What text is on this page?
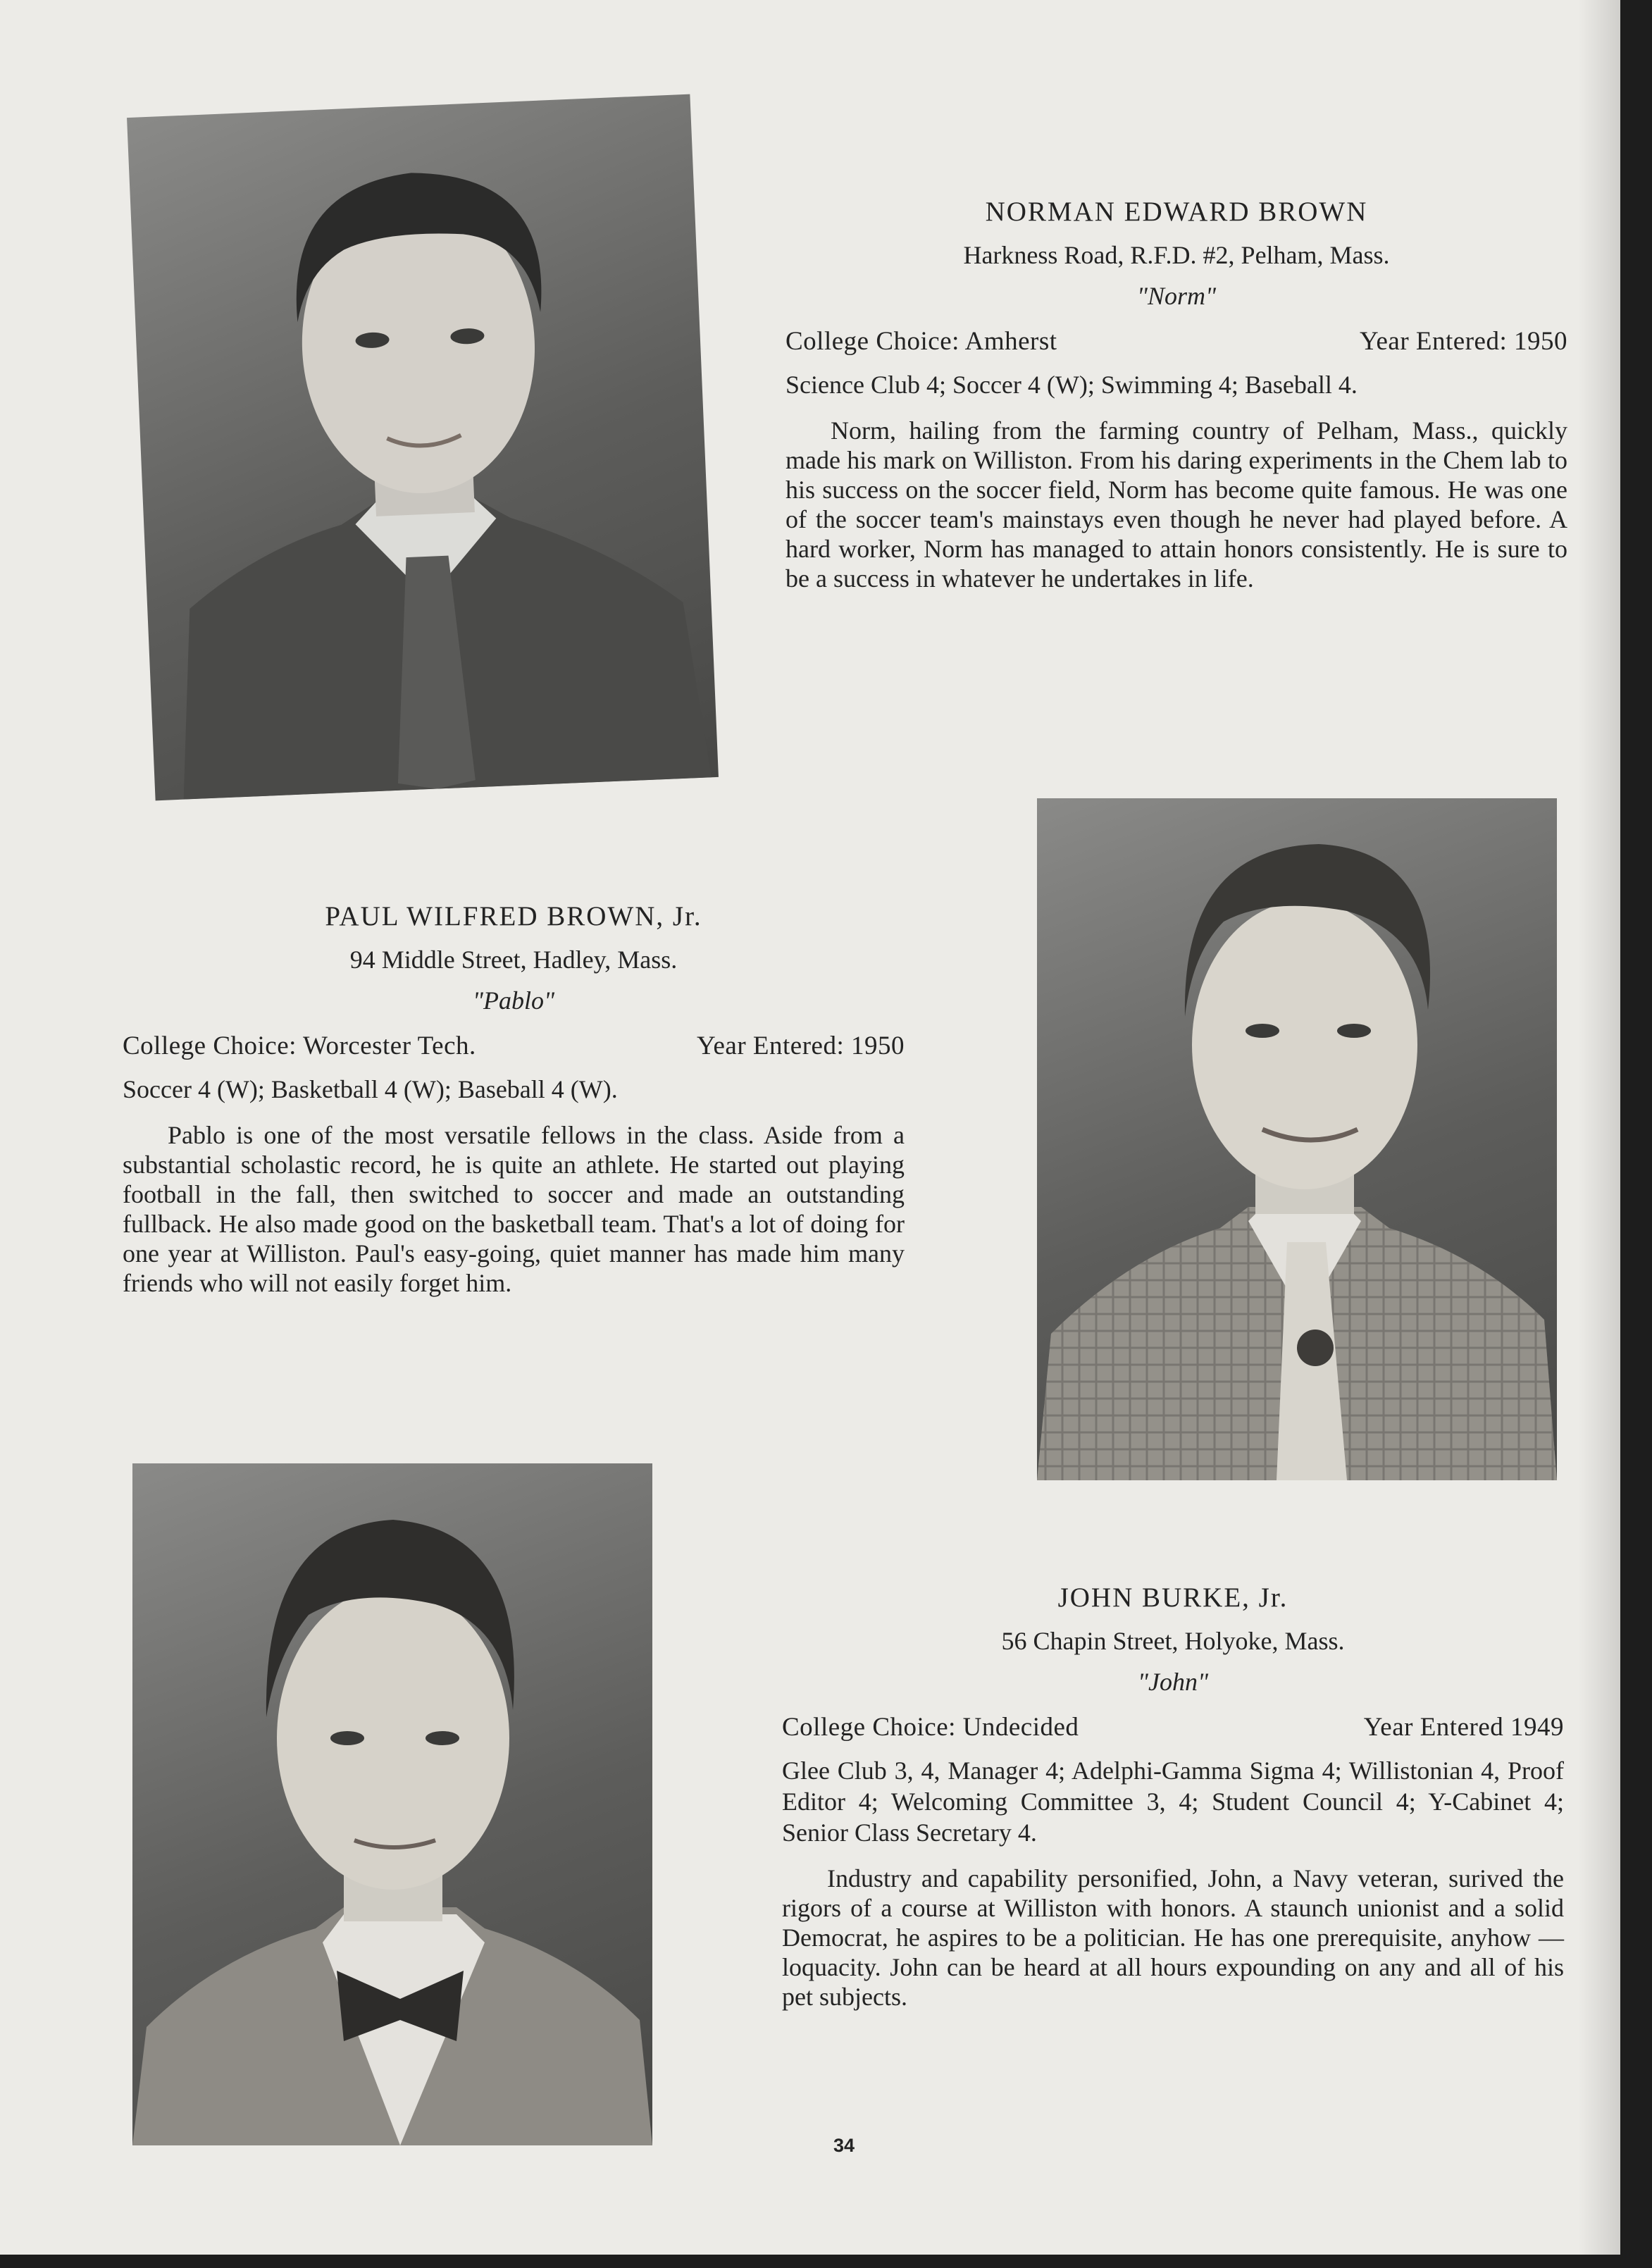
NORMAN EDWARD BROWN

Harkness Road, R.F.D. #2, Pelham, Mass.

"Norm"

College Choice: Amherst	Year Entered: 1950
Science Club 4; Soccer 4 (W); Swimming 4; Baseball 4.
Norm, hailing from the farming country of Pelham, Mass., quickly made his mark on Williston. From his daring experiments in the Chem lab to his success on the soccer field, Norm has become quite famous. He was one of the soccer team's mainstays even though he never had played before. A hard worker, Norm has managed to attain honors consistently. He is sure to be a success in whatever he undertakes in life.

PAUL WILFRED BROWN, Jr.

94 Middle Street, Hadley, Mass.

"Pablo"

College Choice: Worcester Tech.	Year Entered: 1950
Soccer 4 (W); Basketball 4 (W); Baseball 4 (W).
Pablo is one of the most versatile fellows in the class. Aside from a substantial scholastic record, he is quite an athlete. He started out playing football in the fall, then switched to soccer and made an outstanding fullback. He also made good on the basketball team. That's a lot of doing for one year at Williston. Paul's easy-going, quiet manner has made him many friends who will not easily forget him.

JOHN BURKE, Jr.

56 Chapin Street, Holyoke, Mass.

"John"

College Choice: Undecided	Year Entered 1949
Glee Club 3, 4, Manager 4; Adelphi-Gamma Sigma 4; Willistonian 4, Proof Editor 4; Welcoming Committee 3, 4; Student Council 4; Y-Cabinet 4; Senior Class Secretary 4.
Industry and capability personified, John, a Navy veteran, surived the rigors of a course at Williston with honors. A staunch unionist and a solid Democrat, he aspires to be a politician. He has one prerequisite, anyhow — loquacity. John can be heard at all hours expounding on any and all of his pet subjects.
34
